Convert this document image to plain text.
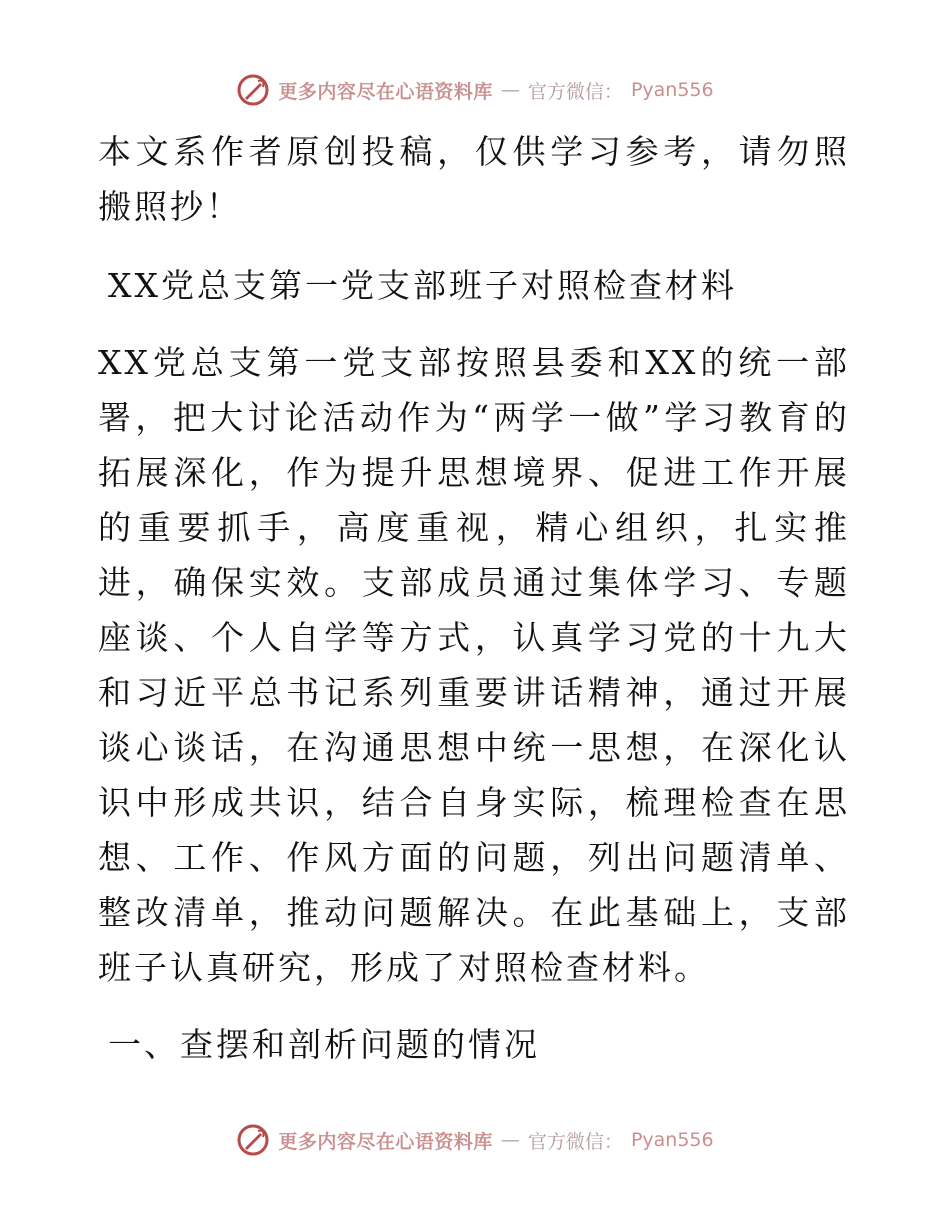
更多内容尽在心语资料库 — 官方微信： Pyan556

本文系作者原创投稿，仅供学习参考，请勿照搬照抄！

XX党总支第一党支部班子对照检查材料

XX党总支第一党支部按照县委和XX的统一部署，把大讨论活动作为“两学一做”学习教育的拓展深化，作为提升思想境界、促进工作开展的重要抓手，高度重视，精心组织，扎实推进，确保实效。支部成员通过集体学习、专题座谈、个人自学等方式，认真学习党的十九大和习近平总书记系列重要讲话精神，通过开展谈心谈话，在沟通思想中统一思想，在深化认识中形成共识，结合自身实际，梳理检查在思想、工作、作风方面的问题，列出问题清单、整改清单，推动问题解决。在此基础上，支部班子认真研究，形成了对照检查材料。

一、查摆和剖析问题的情况

更多内容尽在心语资料库 — 官方微信： Pyan556
